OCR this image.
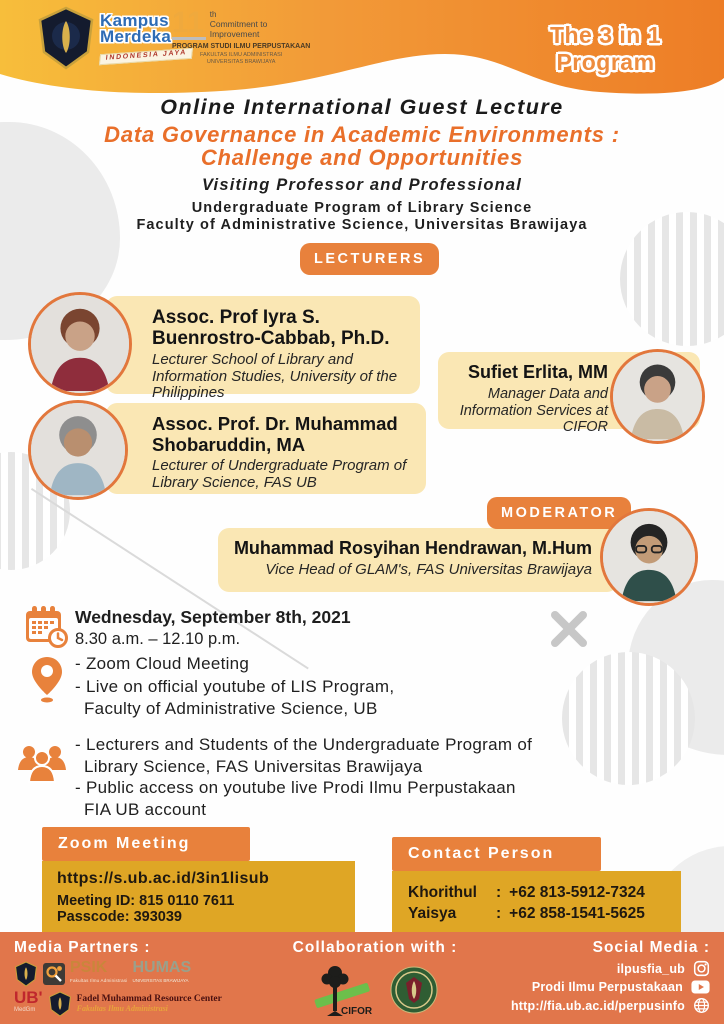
Kampus
Merdeka
INDONESIA JAYA
11 th
Commitment to
Improvement
PROGRAM STUDI ILMU PERPUSTAKAAN
FAKULTAS ILMU ADMINISTRASI
UNIVERSITAS BRAWIJAYA
The 3 in 1 Program
Online International Guest Lecture
Data Governance in Academic Environments :
Challenge and Opportunities
Visiting Professor and Professional
Undergraduate Program of Library Science
Faculty of Administrative Science, Universitas Brawijaya
LECTURERS
Assoc. Prof Iyra S. Buenrostro-Cabbab, Ph.D.
Lecturer School of Library and Information Studies, University of the Philippines
Sufiet Erlita, MM
Manager Data and Information Services at CIFOR
Assoc. Prof. Dr. Muhammad Shobaruddin, MA
Lecturer of Undergraduate Program of Library Science, FAS UB
MODERATOR
Muhammad Rosyihan Hendrawan, M.Hum
Vice Head of GLAM's, FAS Universitas Brawijaya
Wednesday, September 8th, 2021
8.30 a.m. – 12.10 p.m.
- Zoom Cloud Meeting
- Live on official youtube of LIS Program,
Faculty of Administrative Science, UB
- Lecturers and Students of the Undergraduate Program of
Library Science, FAS Universitas Brawijaya
- Public access on youtube live Prodi Ilmu Perpustakaan
FIA UB account
Zoom Meeting
https://s.ub.ac.id/3in1lisub
Meeting ID: 815 0110 7611
Passcode: 393039
Contact Person
Khorithul	: +62 813-5912-7324
Yaisya	: +62 858-1541-5625
Media Partners :
PSIK
Fakultas Ilmu Administrasi
HUMAS
UNIVERSITAS BRAWIJAYA
UB'
MedGm
Fadel Muhammad Resource Center
Fakultas Ilmu Administrasi
Collaboration with :
CIFOR
Social Media :
ilpusfia_ub
Prodi Ilmu Perpustakaan
http://fia.ub.ac.id/perpusinfo
